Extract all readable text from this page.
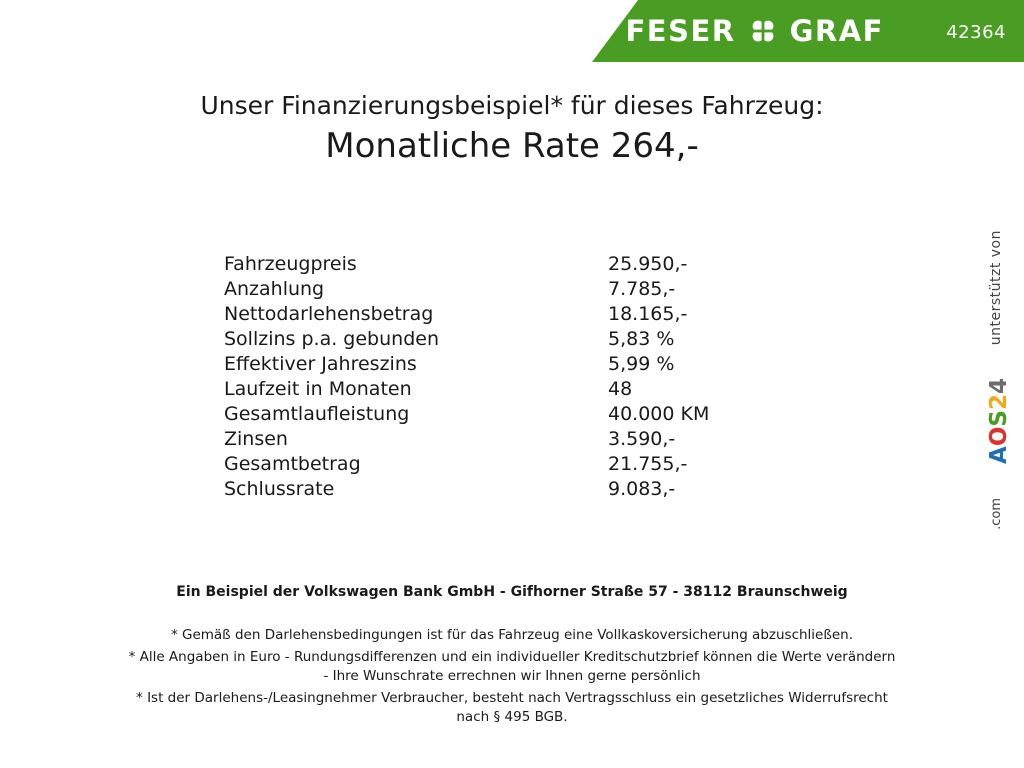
FESER GRAF	42364
Unser Finanzierungsbeispiel* für dieses Fahrzeug:
Monatliche Rate 264,-
Fahrzeugpreis	25.950,-
Anzahlung	7.785,-
Nettodarlehensbetrag	18.165,-
Sollzins p.a. gebunden	5,83 %
Effektiver Jahreszins	5,99 %
Laufzeit in Monaten	48
Gesamtlaufleistung	40.000 KM
Zinsen	3.590,-
Gesamtbetrag	21.755,-
Schlussrate	9.083,-
unterstützt von
AOS24
.com
Ein Beispiel der Volkswagen Bank GmbH - Gifhorner Straße 57 - 38112 Braunschweig
* Gemäß den Darlehensbedingungen ist für das Fahrzeug eine Vollkaskoversicherung abzuschließen.
* Alle Angaben in Euro - Rundungsdifferenzen und ein individueller Kreditschutzbrief können die Werte verändern
- Ihre Wunschrate errechnen wir Ihnen gerne persönlich
* Ist der Darlehens-/Leasingnehmer Verbraucher, besteht nach Vertragsschluss ein gesetzliches Widerrufsrecht
nach § 495 BGB.
